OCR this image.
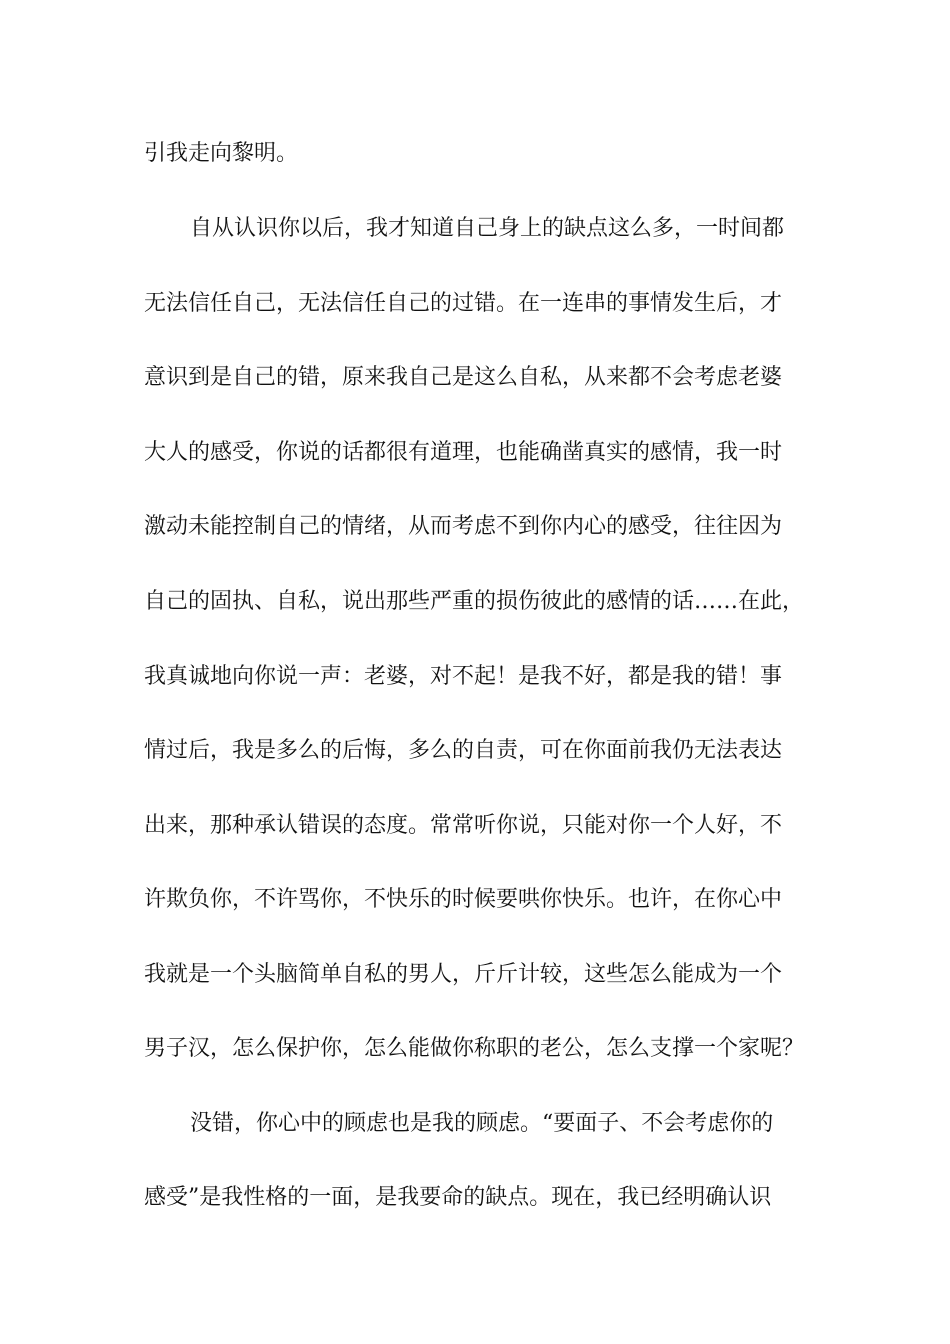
引我走向黎明。
自从认识你以后，我才知道自己身上的缺点这么多，一时间都
无法信任自己，无法信任自己的过错。在一连串的事情发生后，才
意识到是自己的错，原来我自己是这么自私，从来都不会考虑老婆
大人的感受，你说的话都很有道理，也能确凿真实的感情，我一时
激动未能控制自己的情绪，从而考虑不到你内心的感受，往往因为
自己的固执、自私，说出那些严重的损伤彼此的感情的话……在此，
我真诚地向你说一声：老婆，对不起！是我不好，都是我的错！事
情过后，我是多么的后悔，多么的自责，可在你面前我仍无法表达
出来，那种承认错误的态度。常常听你说，只能对你一个人好，不
许欺负你，不许骂你，不快乐的时候要哄你快乐。也许，在你心中
我就是一个头脑简单自私的男人，斤斤计较，这些怎么能成为一个
男子汉，怎么保护你，怎么能做你称职的老公，怎么支撑一个家呢？
没错，你心中的顾虑也是我的顾虑。“要面子、不会考虑你的
感受”是我性格的一面，是我要命的缺点。现在，我已经明确认识
